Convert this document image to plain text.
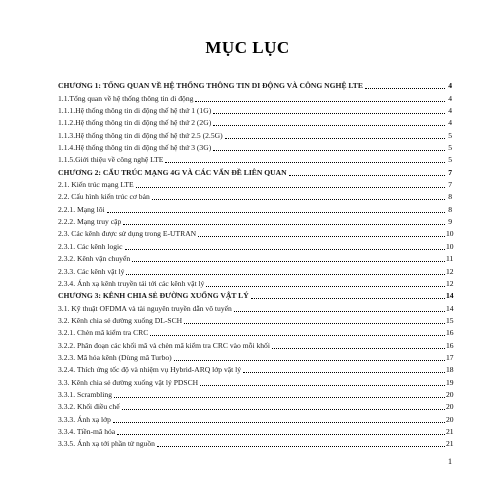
MỤC LỤC
CHƯƠNG 1: TỔNG QUAN VỀ HỆ THỐNG THÔNG TIN DI ĐỘNG VÀ CÔNG NGHỆ LTE	4
1.1.Tổng quan về hệ thống thông tin di động	4
1.1.1.Hệ thống thông tin di động thế hệ thứ 1 (1G)	4
1.1.2.Hệ thống thông tin di động thế hệ thứ 2 (2G)	4
1.1.3.Hệ thống thông tin di động thế hệ thứ 2.5 (2.5G)	5
1.1.4.Hệ thống thông tin di động thế hệ thứ 3 (3G)	5
1.1.5.Giới thiệu về công nghệ LTE	5
CHƯƠNG 2: CẤU TRÚC MẠNG 4G VÀ CÁC VẤN ĐỀ LIÊN QUAN	7
2.1. Kiến trúc mạng LTE	7
2.2. Cấu hình kiến trúc cơ bản	8
2.2.1. Mạng lõi	8
2.2.2. Mạng truy cập	9
2.3. Các kênh được sử dụng trong E-UTRAN	10
2.3.1. Các kênh logic	10
2.3.2. Kênh vận chuyển	11
2.3.3. Các kênh vật lý	12
2.3.4. Ánh xạ kênh truyền tải tới các kênh vật lý	12
CHƯƠNG 3: KÊNH CHIA SẺ ĐƯỜNG XUỐNG VẬT LÝ	14
3.1. Kỹ thuật OFDMA và tài nguyên truyền dẫn vô tuyến	14
3.2. Kênh chia sẻ đường xuống DL-SCH	15
3.2.1. Chèn mã kiểm tra CRC	16
3.2.2. Phân đoạn các khối mã và chèn mã kiểm tra CRC vào mỗi khối	16
3.2.3. Mã hóa kênh (Dùng mã Turbo)	17
3.2.4. Thích ứng tốc độ và nhiệm vụ Hybrid-ARQ lớp vật lý	18
3.3. Kênh chia sẻ đường xuống vật lý PDSCH	19
3.3.1. Scrambling	20
3.3.2. Khối điều chế	20
3.3.3. Ánh xạ lớp	20
3.3.4. Tiền-mã hóa	21
3.3.5. Ánh xạ tới phần tử nguồn	21
1
